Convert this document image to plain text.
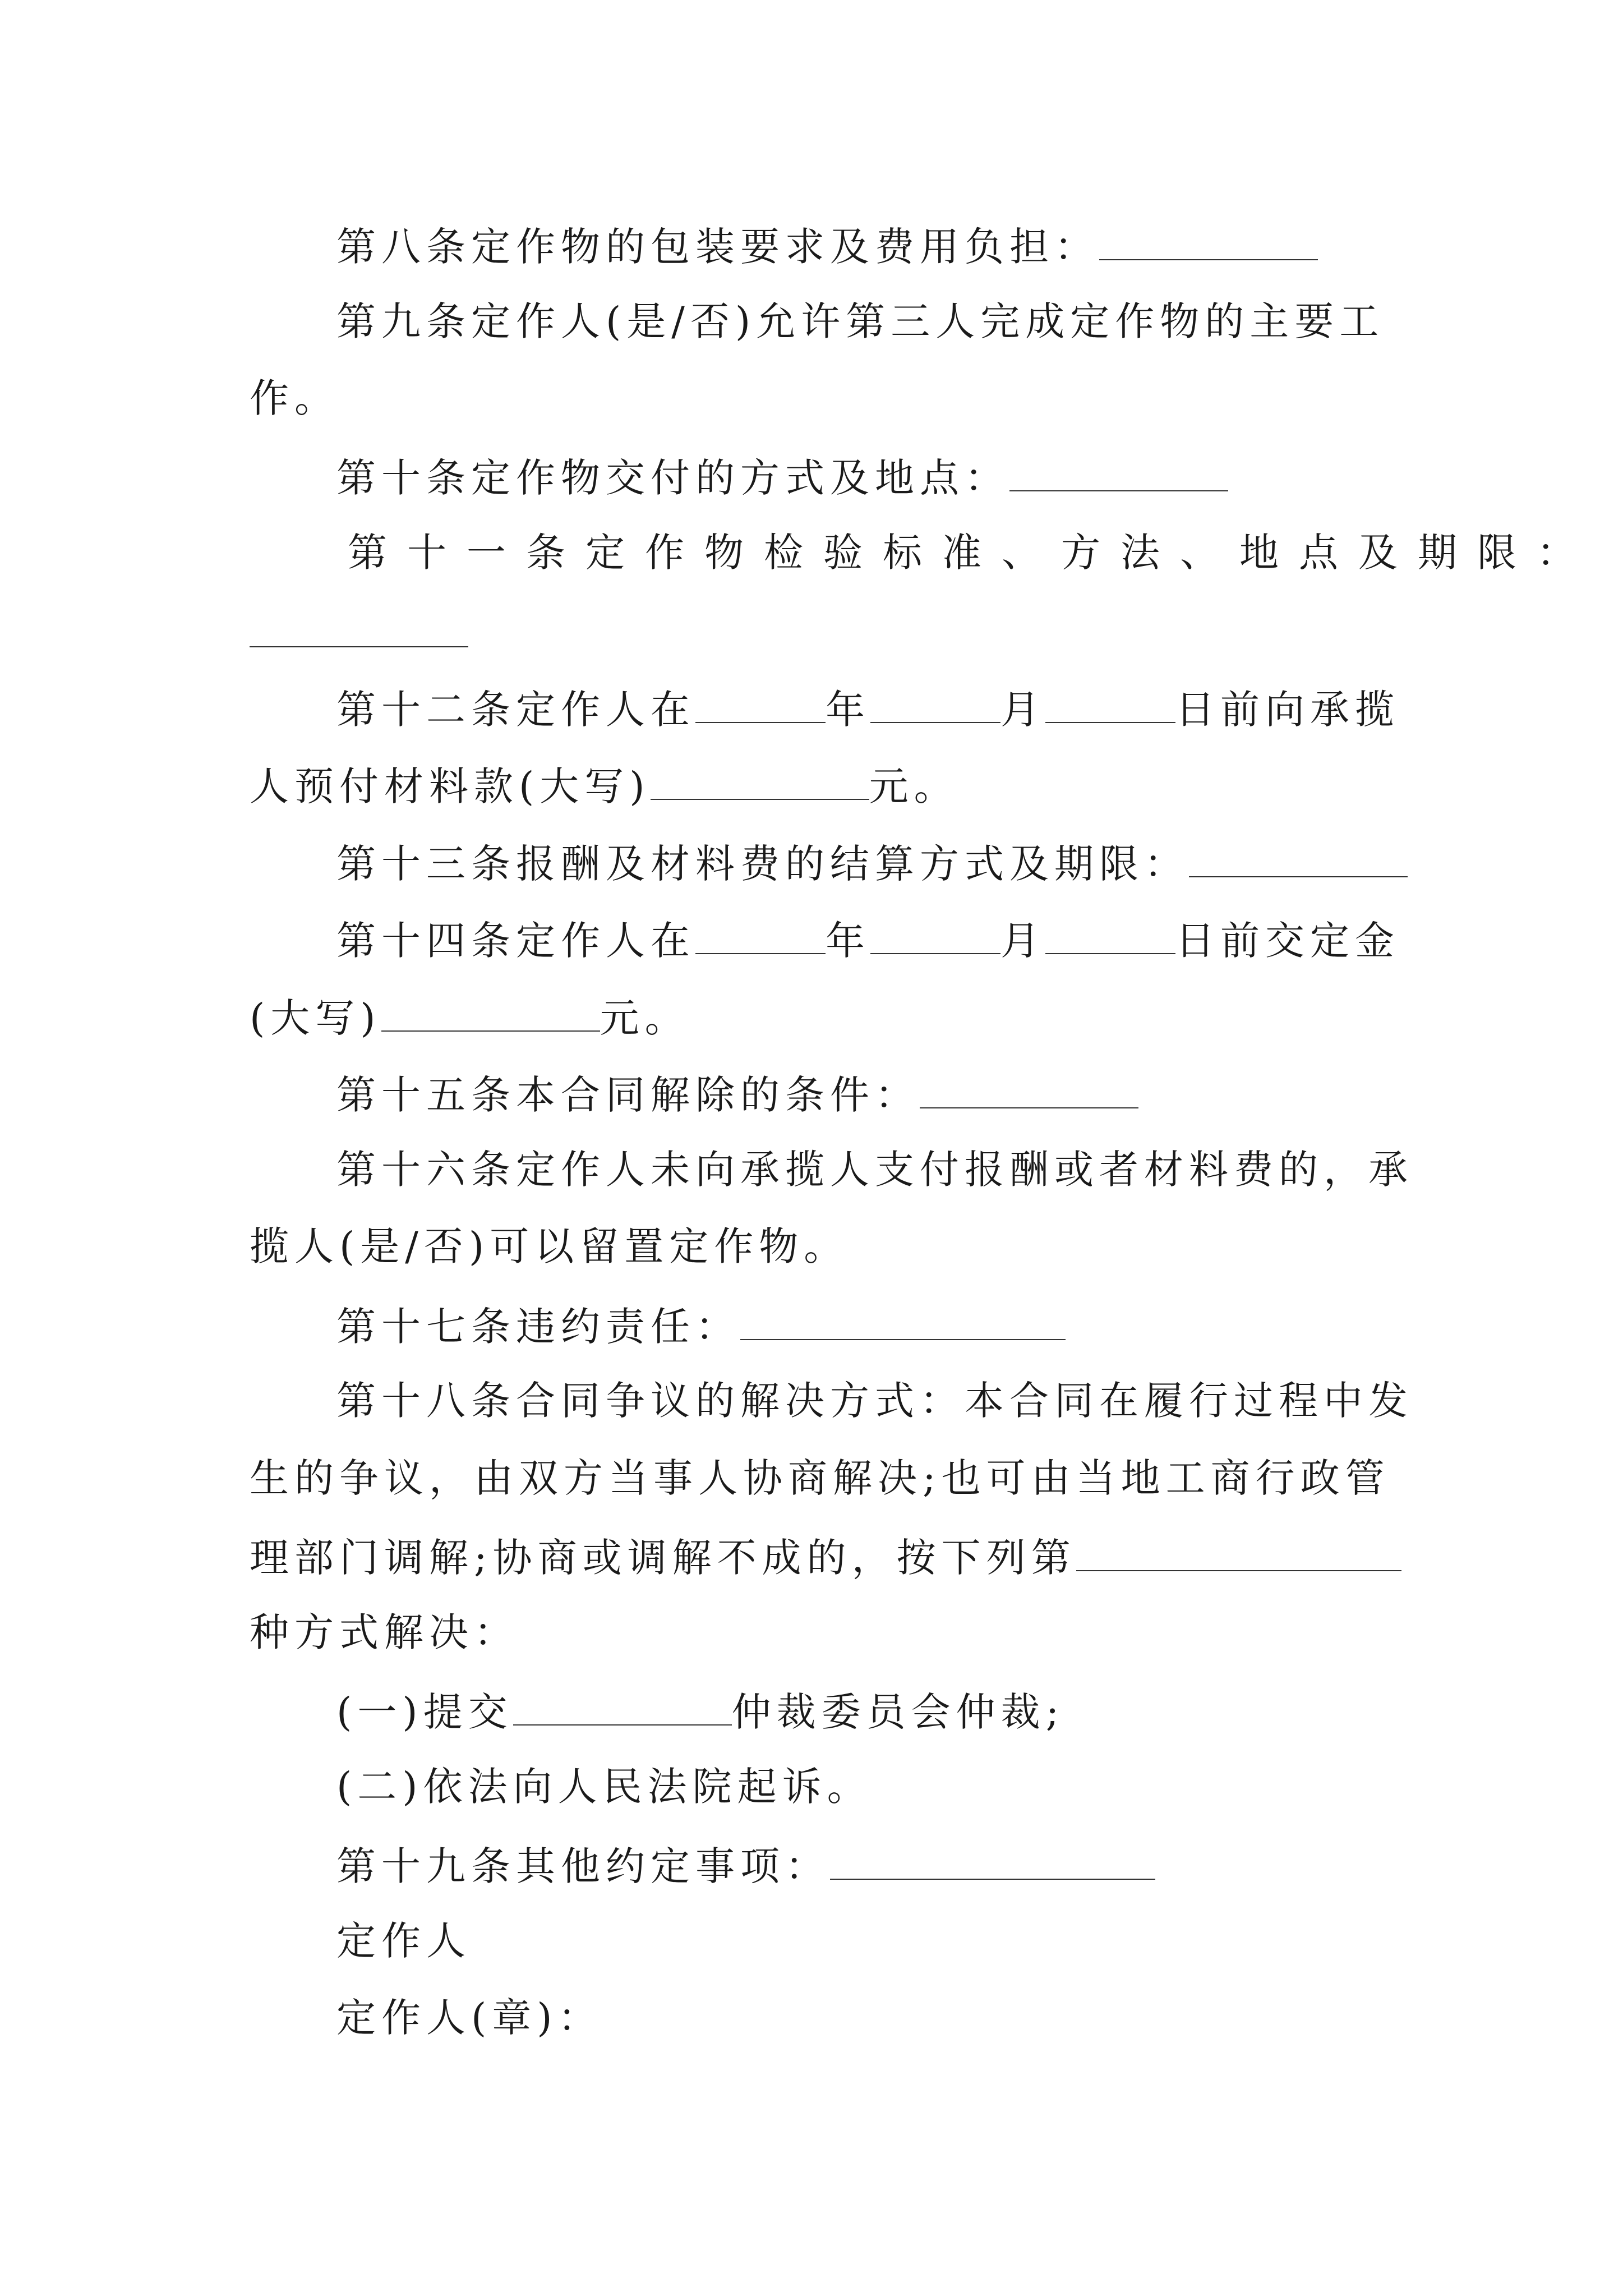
第八条定作物的包装要求及费用负担：
第九条定作人(是/否)允许第三人完成定作物的主要工
作。
第十条定作物交付的方式及地点：
第十一条定作物检验标准、方法、地点及期限：
第十二条定作人在	年	月	日前向承揽
人预付材料款(大写)	元。
第十三条报酬及材料费的结算方式及期限：
第十四条定作人在	年	月	日前交定金
(大写)	元。
第十五条本合同解除的条件：
第十六条定作人未向承揽人支付报酬或者材料费的，承
揽人(是/否)可以留置定作物。
第十七条违约责任：
第十八条合同争议的解决方式：本合同在履行过程中发
生的争议，由双方当事人协商解决;也可由当地工商行政管
理部门调解;协商或调解不成的，按下列第
种方式解决：
(一)提交	仲裁委员会仲裁;
(二)依法向人民法院起诉。
第十九条其他约定事项：
定作人
定作人(章)：
